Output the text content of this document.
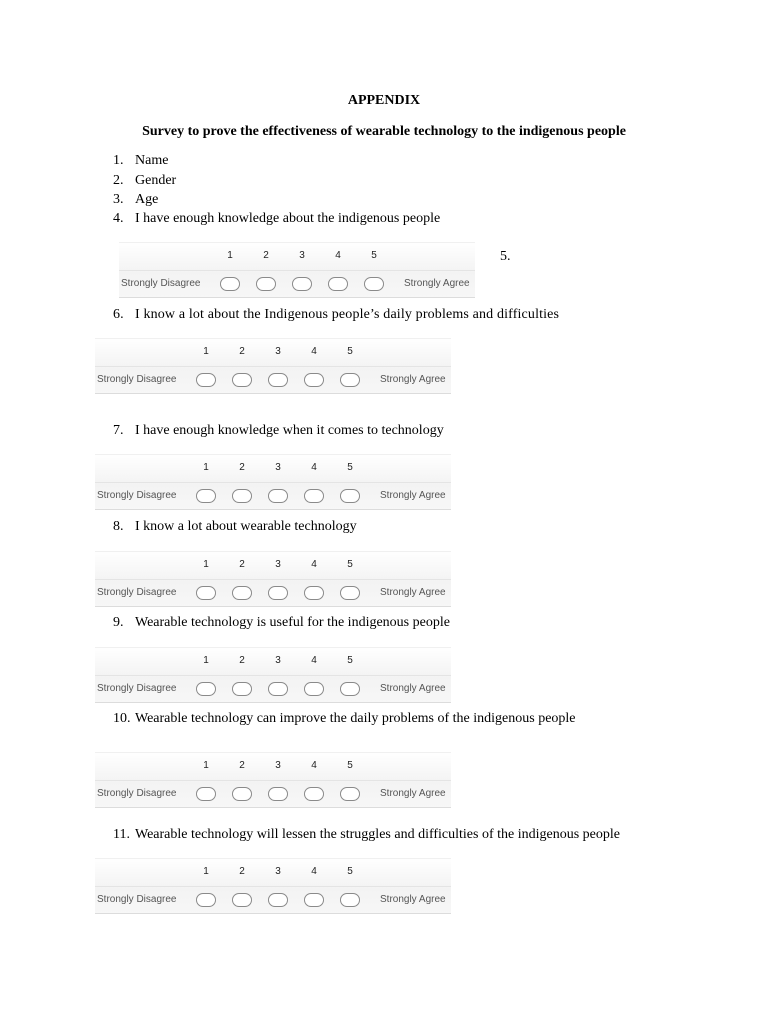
APPENDIX
Survey to prove the effectiveness of wearable technology to the indigenous people
1. Name
2. Gender
3. Age
4. I have enough knowledge about the indigenous people
1	2	3	4	5
Strongly Disagree	Strongly Agree
5.
6. I know a lot about the Indigenous people’s daily problems and difficulties
1	2	3	4	5
Strongly Disagree	Strongly Agree
7. I have enough knowledge when it comes to technology
1	2	3	4	5
Strongly Disagree	Strongly Agree
8. I know a lot about wearable technology
1	2	3	4	5
Strongly Disagree	Strongly Agree
9. Wearable technology is useful for the indigenous people
1	2	3	4	5
Strongly Disagree	Strongly Agree
10. Wearable technology can improve the daily problems of the indigenous people
1	2	3	4	5
Strongly Disagree	Strongly Agree
11. Wearable technology will lessen the struggles and difficulties of the indigenous people
1	2	3	4	5
Strongly Disagree	Strongly Agree
